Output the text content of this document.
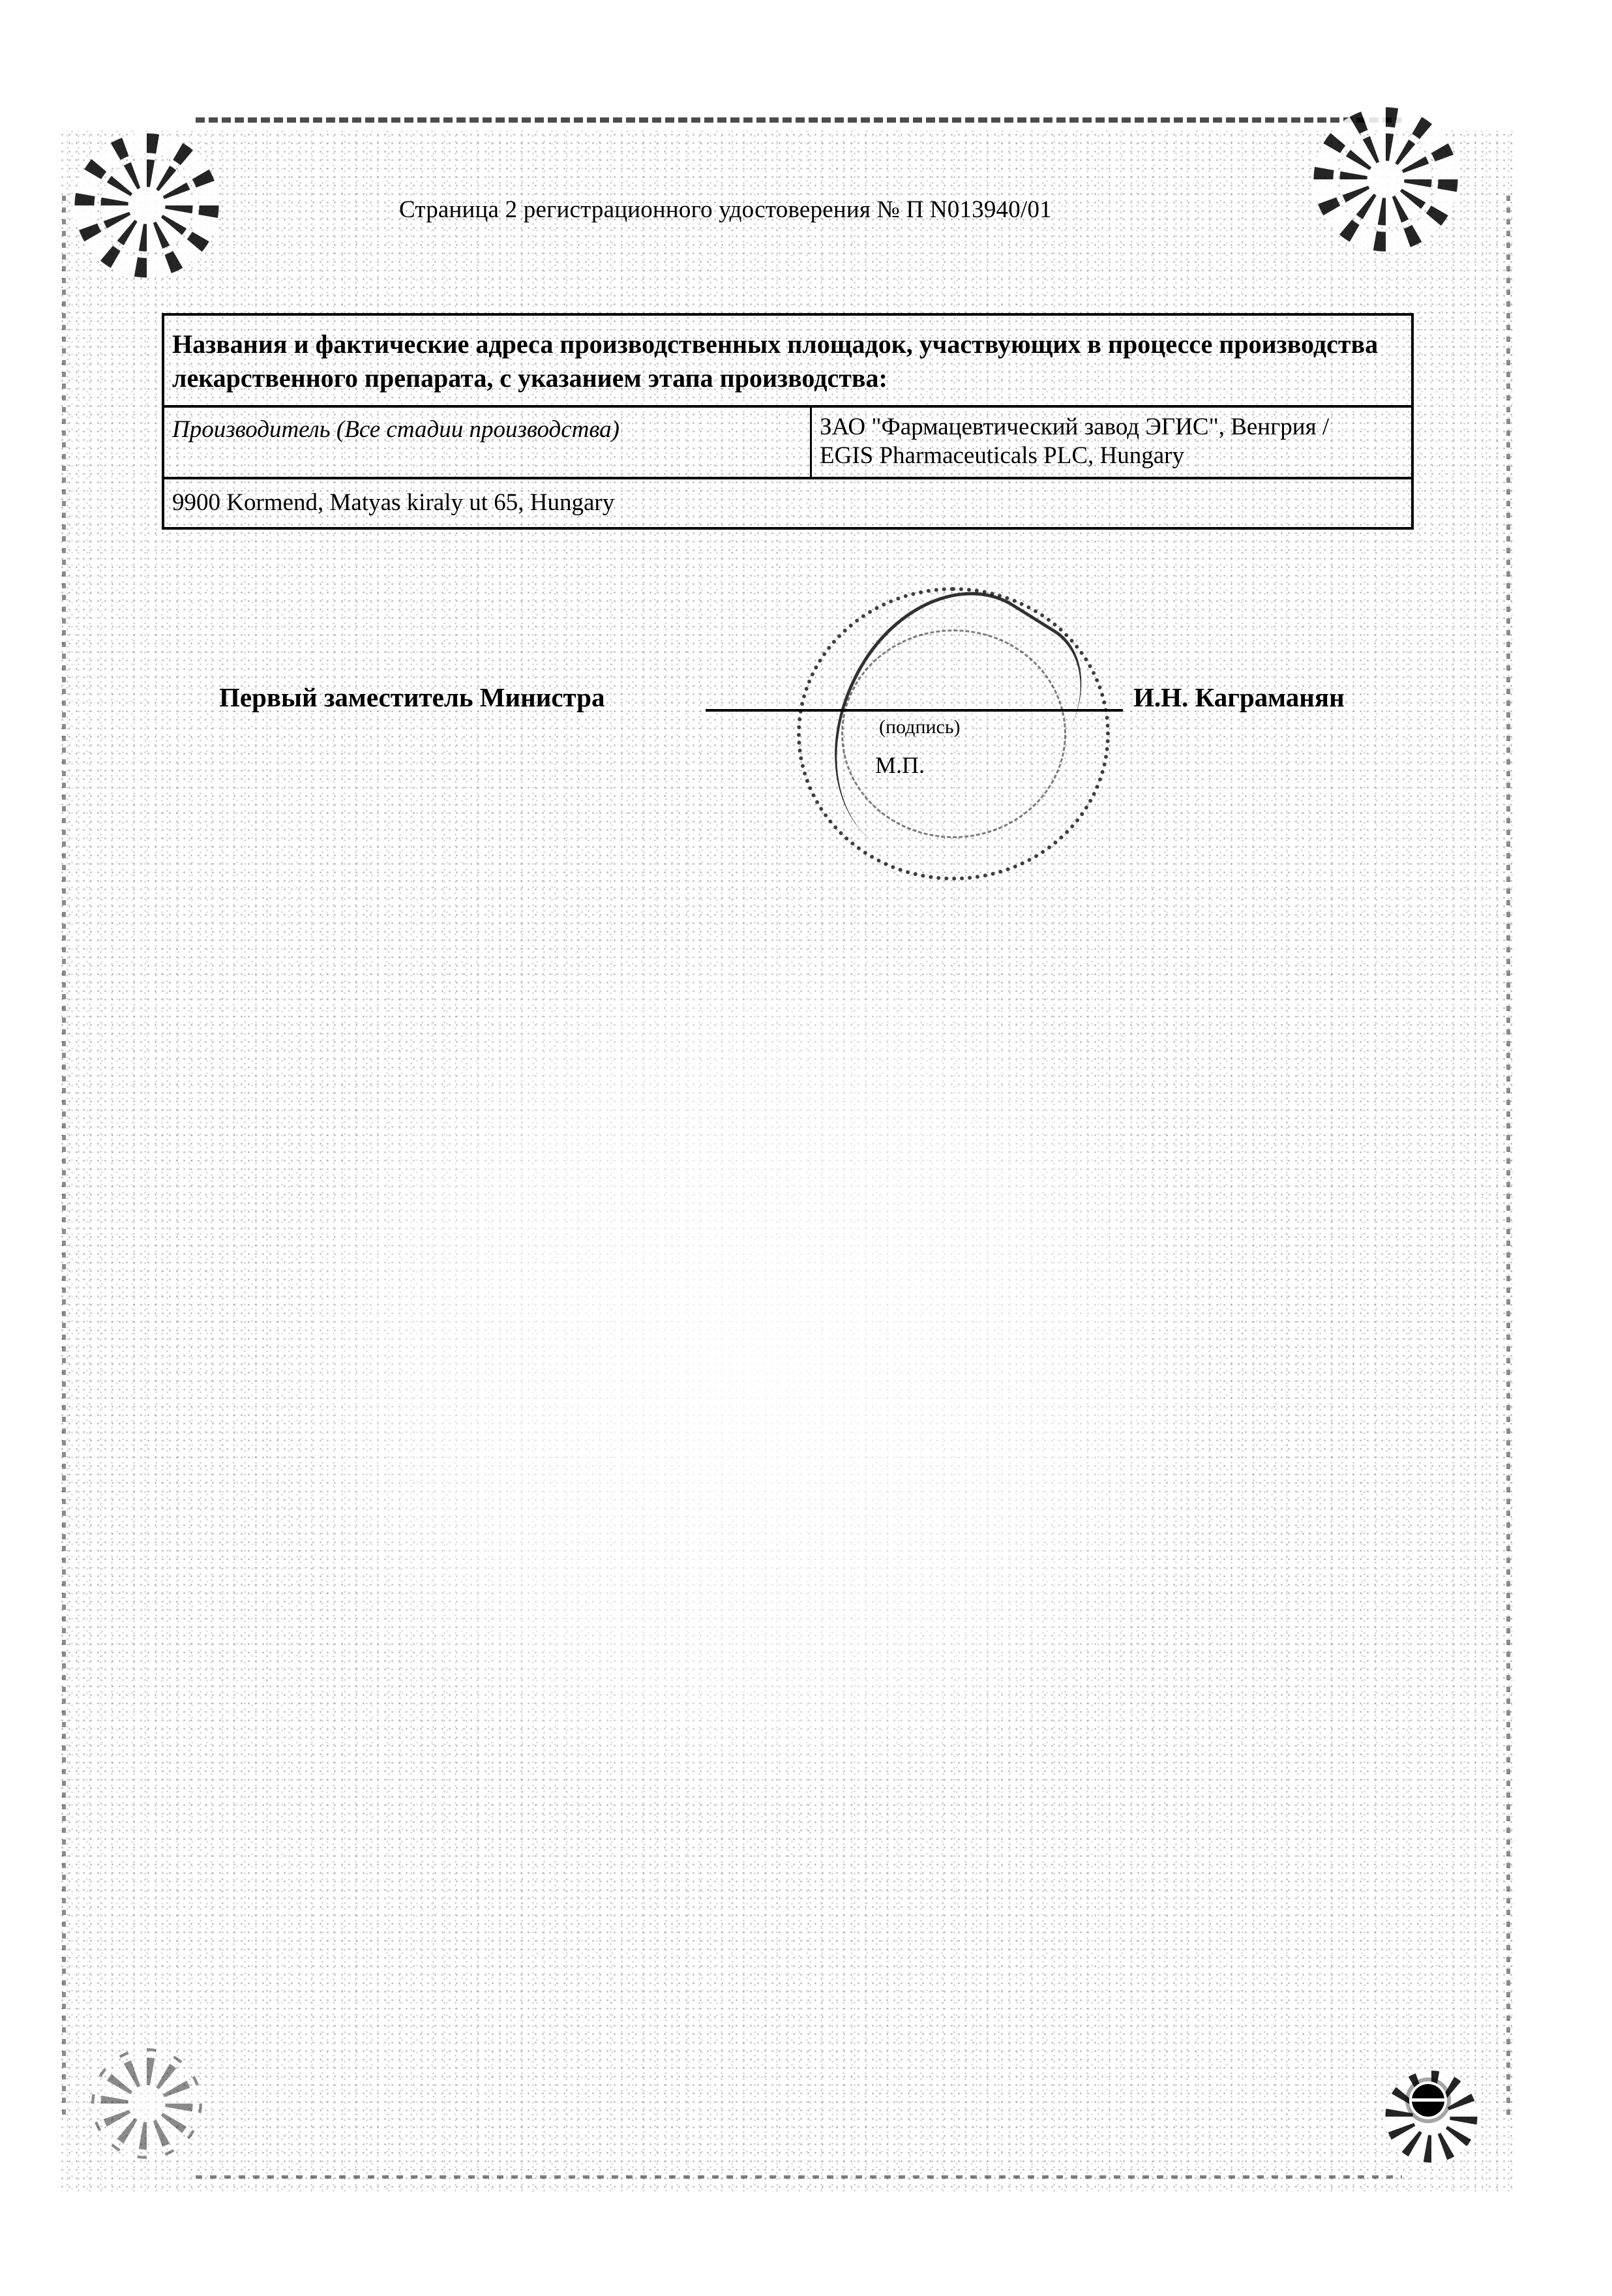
Страница 2 регистрационного удостоверения № П N013940/01
Названия и фактические адреса производственных площадок, участвующих в процессе производства лекарственного препарата, с указанием этапа производства:
Производитель (Все стадии производства)	ЗАО "Фармацевтический завод ЭГИС", Венгрия /
EGIS Pharmaceuticals PLC, Hungary
9900 Kormend, Matyas kiraly ut 65, Hungary
Первый заместитель Министра	И.Н. Каграманян
(подпись)
М.П.
